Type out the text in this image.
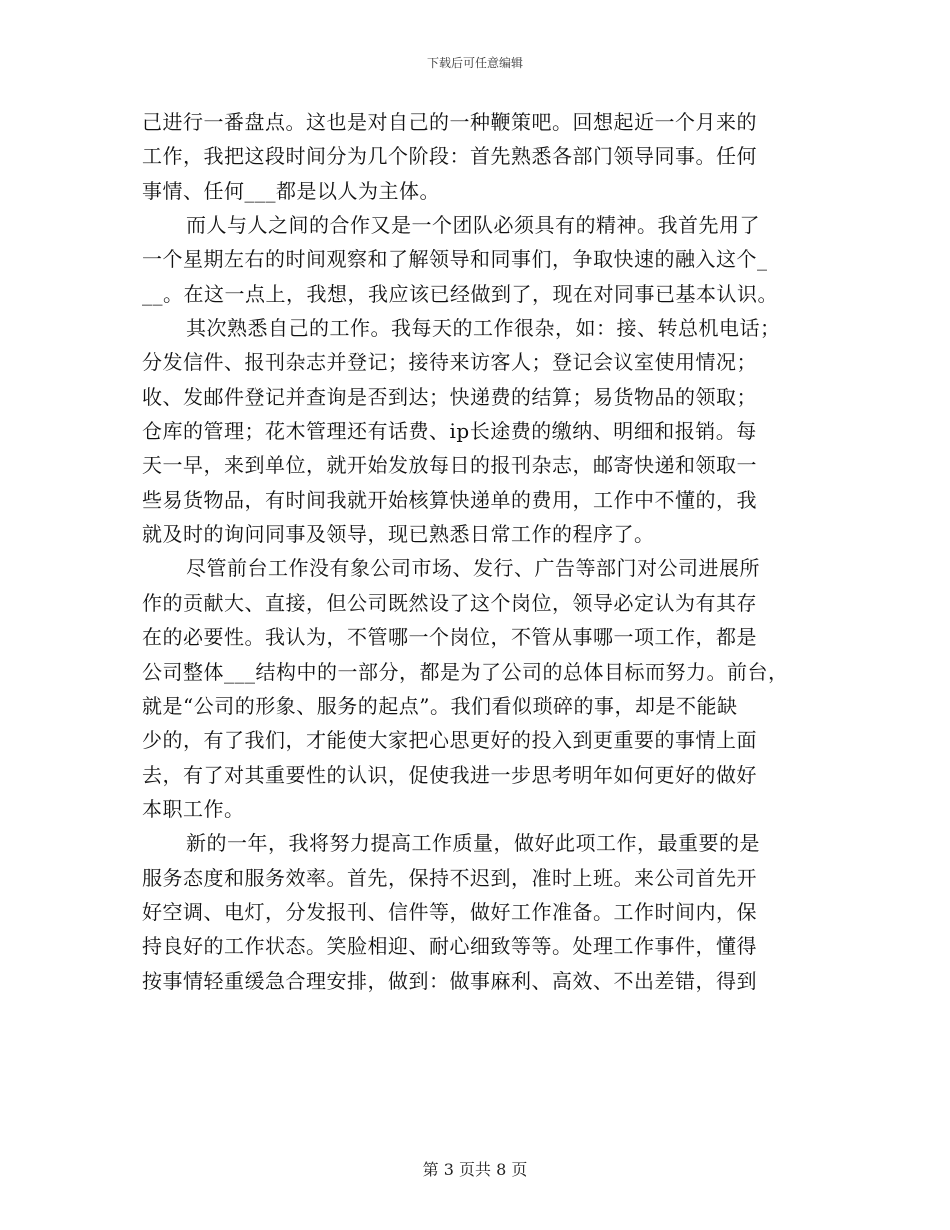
下载后可任意编辑
己进行一番盘点。这也是对自己的一种鞭策吧。回想起近一个月来的
工作，我把这段时间分为几个阶段：首先熟悉各部门领导同事。任何
事情、任何___都是以人为主体。
而人与人之间的合作又是一个团队必须具有的精神。我首先用了
一个星期左右的时间观察和了解领导和同事们，争取快速的融入这个_
__。在这一点上，我想，我应该已经做到了，现在对同事已基本认识。
其次熟悉自己的工作。我每天的工作很杂，如：接、转总机电话；
分发信件、报刊杂志并登记；接待来访客人；登记会议室使用情况；
收、发邮件登记并查询是否到达；快递费的结算；易货物品的领取；
仓库的管理；花木管理还有话费、ip长途费的缴纳、明细和报销。每
天一早，来到单位，就开始发放每日的报刊杂志，邮寄快递和领取一
些易货物品，有时间我就开始核算快递单的费用，工作中不懂的，我
就及时的询问同事及领导，现已熟悉日常工作的程序了。
尽管前台工作没有象公司市场、发行、广告等部门对公司进展所
作的贡献大、直接，但公司既然设了这个岗位，领导必定认为有其存
在的必要性。我认为，不管哪一个岗位，不管从事哪一项工作，都是
公司整体___结构中的一部分，都是为了公司的总体目标而努力。前台，
就是“公司的形象、服务的起点”。我们看似琐碎的事，却是不能缺
少的，有了我们，才能使大家把心思更好的投入到更重要的事情上面
去，有了对其重要性的认识，促使我进一步思考明年如何更好的做好
本职工作。
新的一年，我将努力提高工作质量，做好此项工作，最重要的是
服务态度和服务效率。首先，保持不迟到，准时上班。来公司首先开
好空调、电灯，分发报刊、信件等，做好工作准备。工作时间内，保
持良好的工作状态。笑脸相迎、耐心细致等等。处理工作事件，懂得
按事情轻重缓急合理安排，做到：做事麻利、高效、不出差错，得到
第 3 页共 8 页
